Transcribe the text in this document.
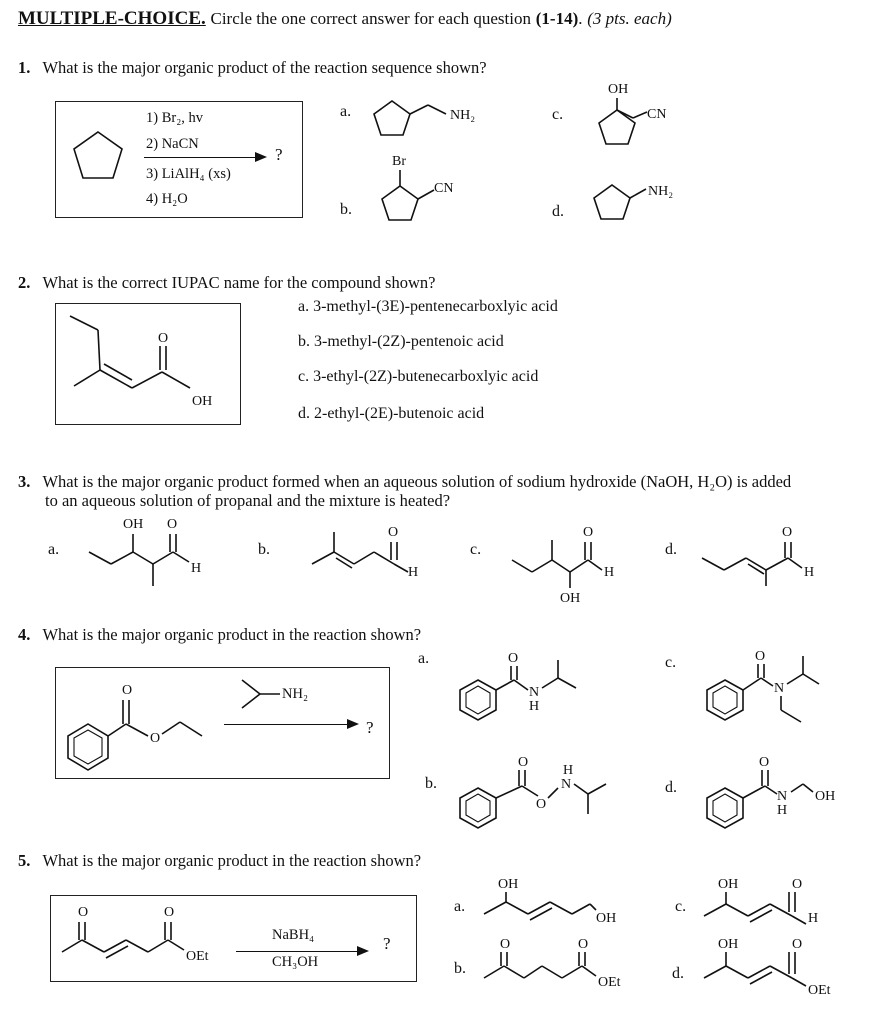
MULTIPLE-CHOICE. Circle the one correct answer for each question (1-14). (3 pts. each)
1. What is the major organic product of the reaction sequence shown?
1) Br₂, hv
2) NaCN
?
3) LiAlH₄ (xs)
4) H₂O
a.	NH₂
b.
Br
CN
c.
OH
CN
d.
NH₂
2. What is the correct IUPAC name for the compound shown?
O
OH
a. 3-methyl-(3E)-pentenecarboxlyic acid
b. 3-methyl-(2Z)-pentenoic acid
c. 3-ethyl-(2Z)-butenecarboxlyic acid
d. 2-ethyl-(2E)-butenoic acid
3. What is the major organic product formed when an aqueous solution of sodium hydroxide (NaOH, H₂O) is added
to an aqueous solution of propanal and the mixture is heated?
a.
OH O
H
b.
O
H
c.
O
H
OH
d.
O
H
4. What is the major organic product in the reaction shown?
O
O
NH₂
?
a.	O
N
H
b.
O
O
N
H
c.	O
N
d.
O
N
H
OH
5. What is the major organic product in the reaction shown?
O	O
OEt
NaBH₄
CH₃OH
?
a.
OH
OH
b.
O	O
OEt
c.
OH	O
H
d.
OH	O
OEt
